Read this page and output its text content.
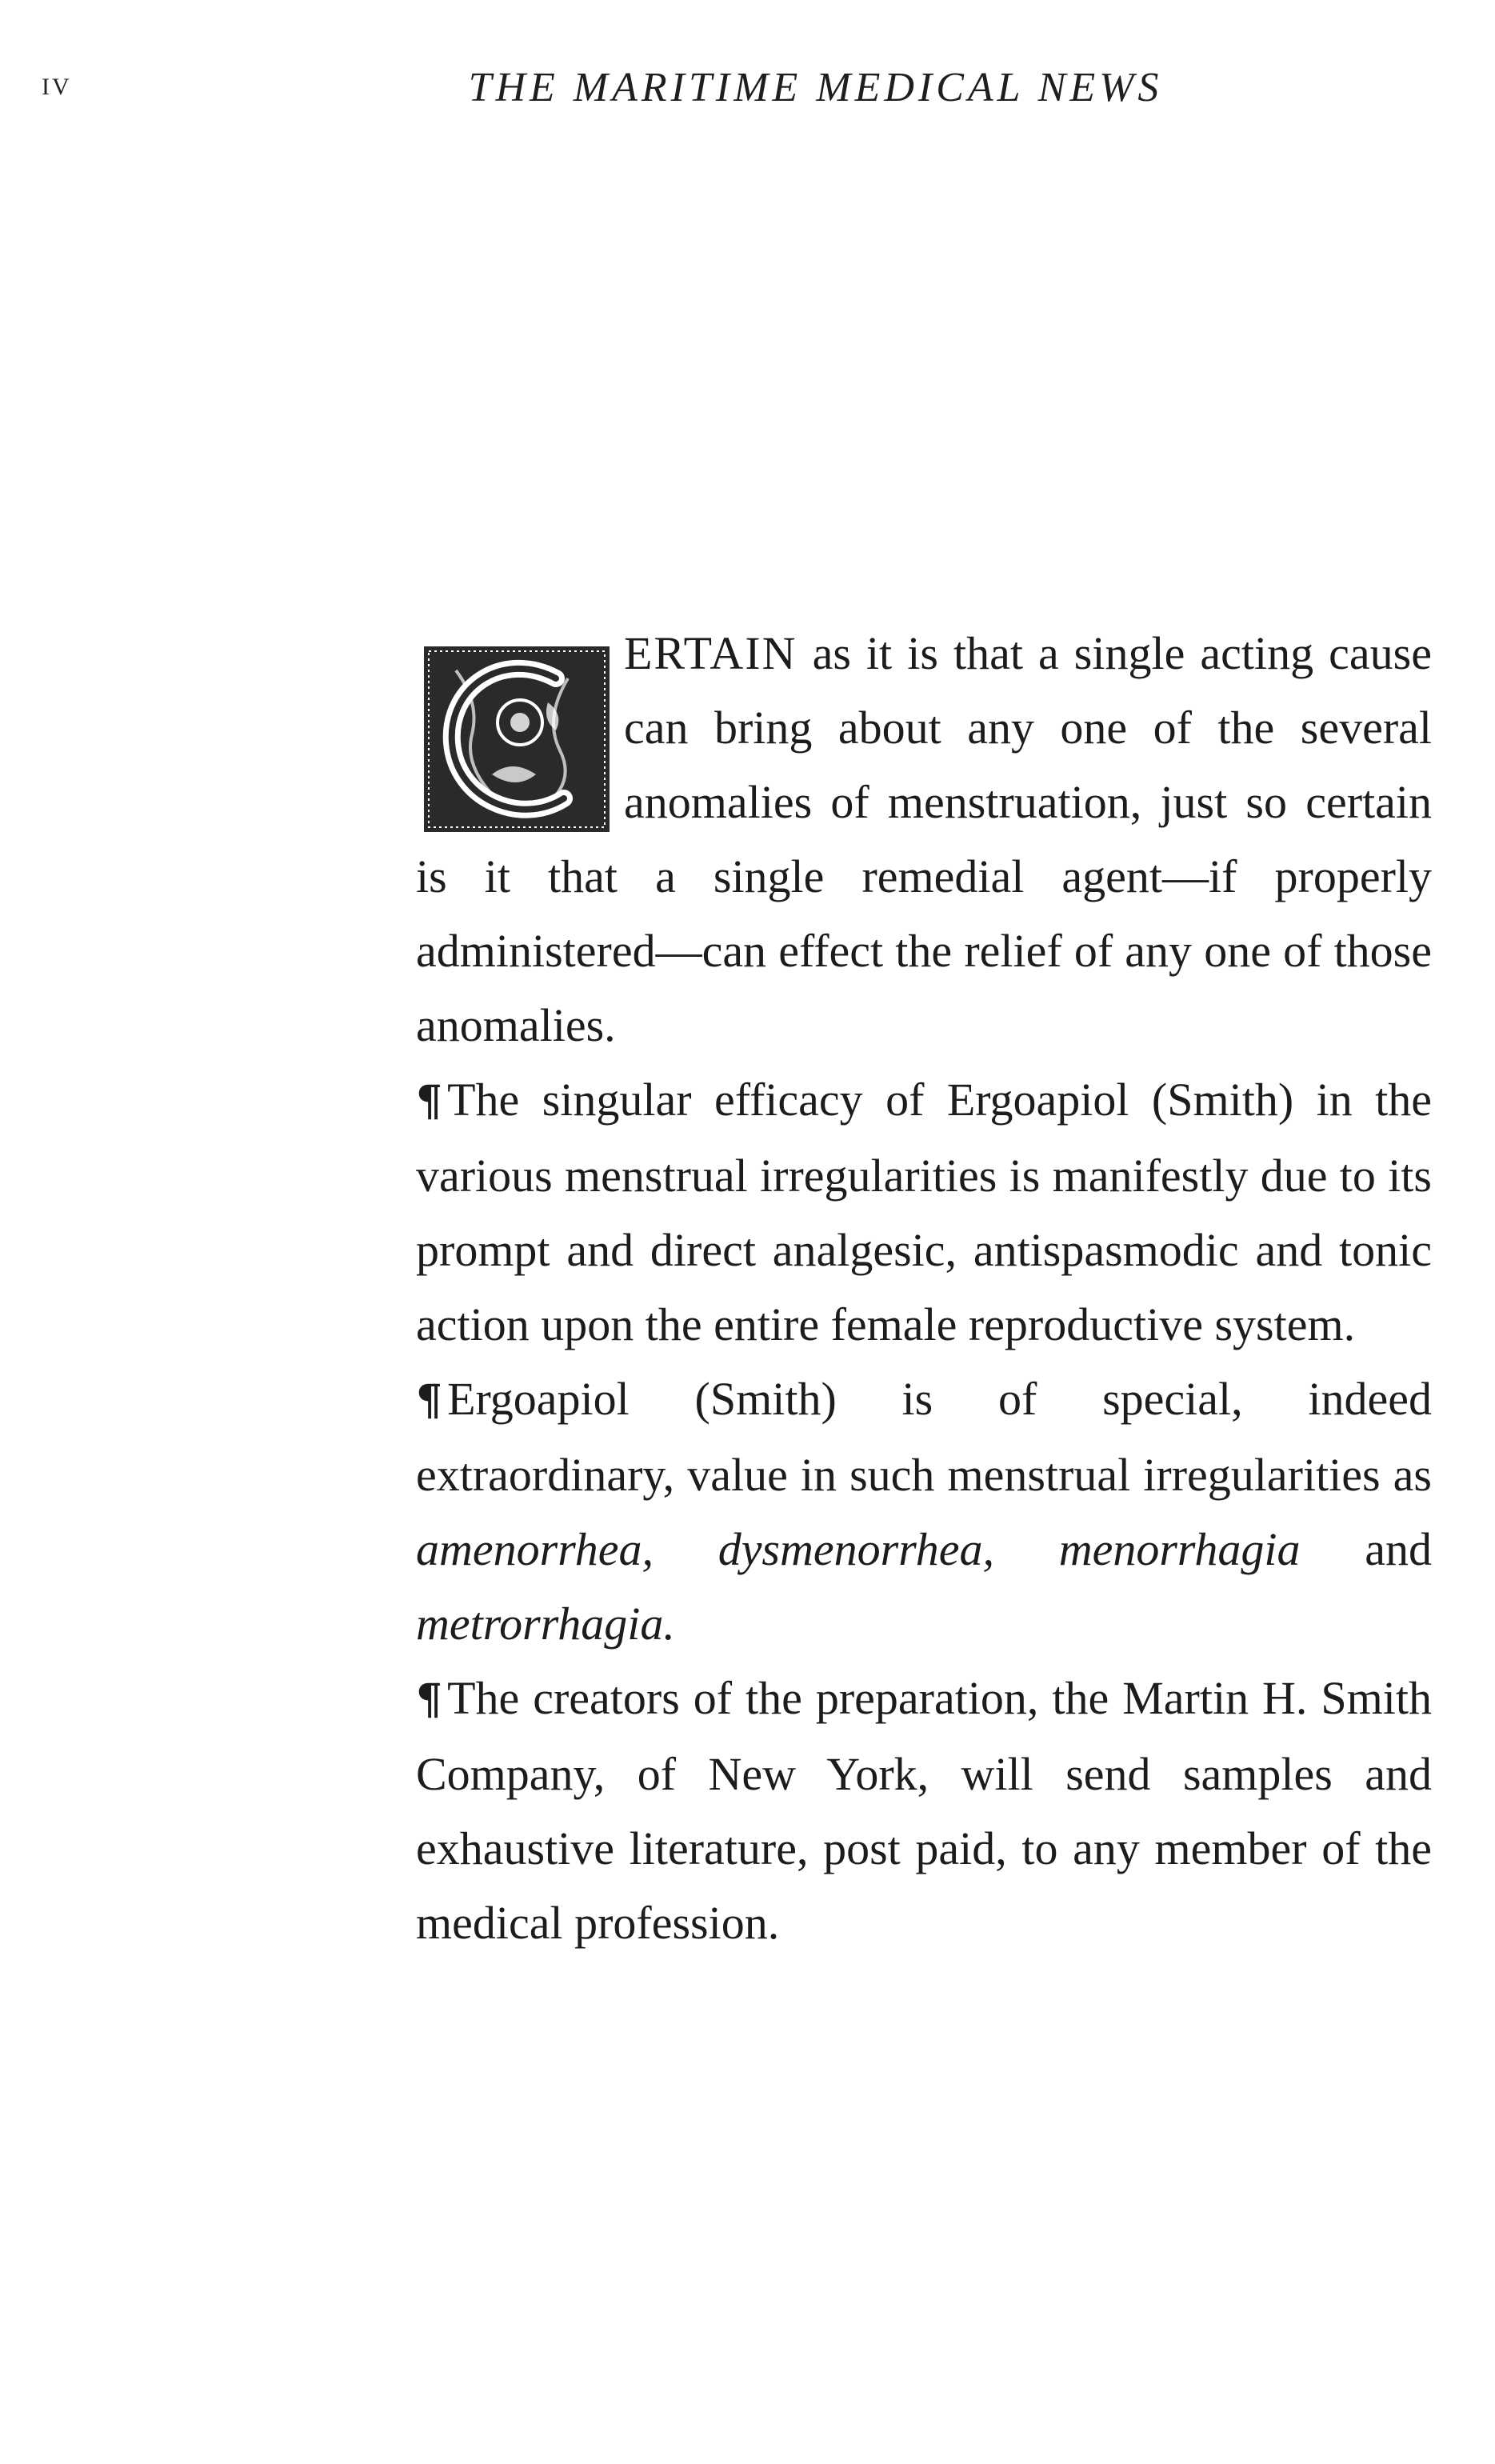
IV	THE MARITIME MEDICAL NEWS

ERTAIN as it is that a single acting cause can bring about any one of the several anomalies of menstruation, just so certain is it that a single remedial agent—if properly administered—can effect the relief of any one of those anomalies.

¶ The singular efficacy of Ergoapiol (Smith) in the various menstrual irregularities is manifestly due to its prompt and direct analgesic, antispasmodic and tonic action upon the entire female reproductive system.

¶ Ergoapiol (Smith) is of special, indeed extraordinary, value in such menstrual irregularities as amenorrhea, dysmenorrhea, menorrhagia and metrorrhagia.

¶ The creators of the preparation, the Martin H. Smith Company, of New York, will send samples and exhaustive literature, post paid, to any member of the medical profession.
